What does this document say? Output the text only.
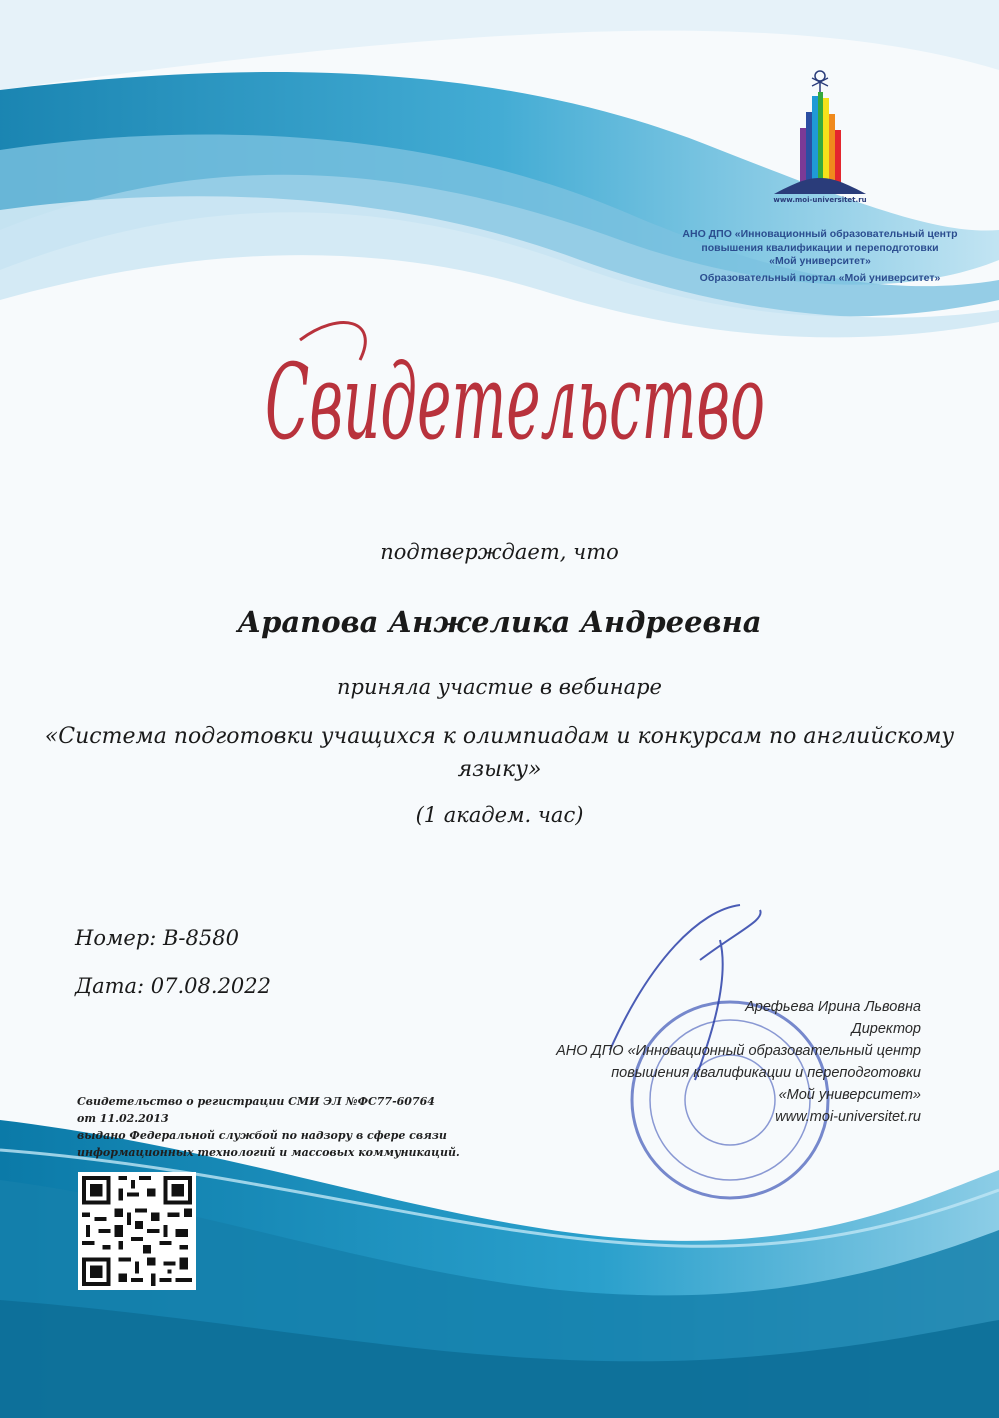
www.moi-universitet.ru
АНО ДПО «Инновационный образовательный центр
повышения квалификации и переподготовки
«Мой университет»
Образовательный портал «Мой университет»
Свидетельство
подтверждает, что
Арапова Анжелика Андреевна
приняла участие в вебинаре
«Система подготовки учащихся к олимпиадам и конкурсам по английскому
языку»
(1 академ. час)
Номер: В-8580
Дата: 07.08.2022
Арефьева Ирина Львовна
Директор
АНО ДПО «Инновационный образовательный центр
повышения квалификации и переподготовки
«Мой университет»
www.moi-universitet.ru
Свидетельство о регистрации СМИ ЭЛ №ФС77-60764
от 11.02.2013
выдано Федеральной службой по надзору в сфере связи
информационных технологий и массовых коммуникаций.
